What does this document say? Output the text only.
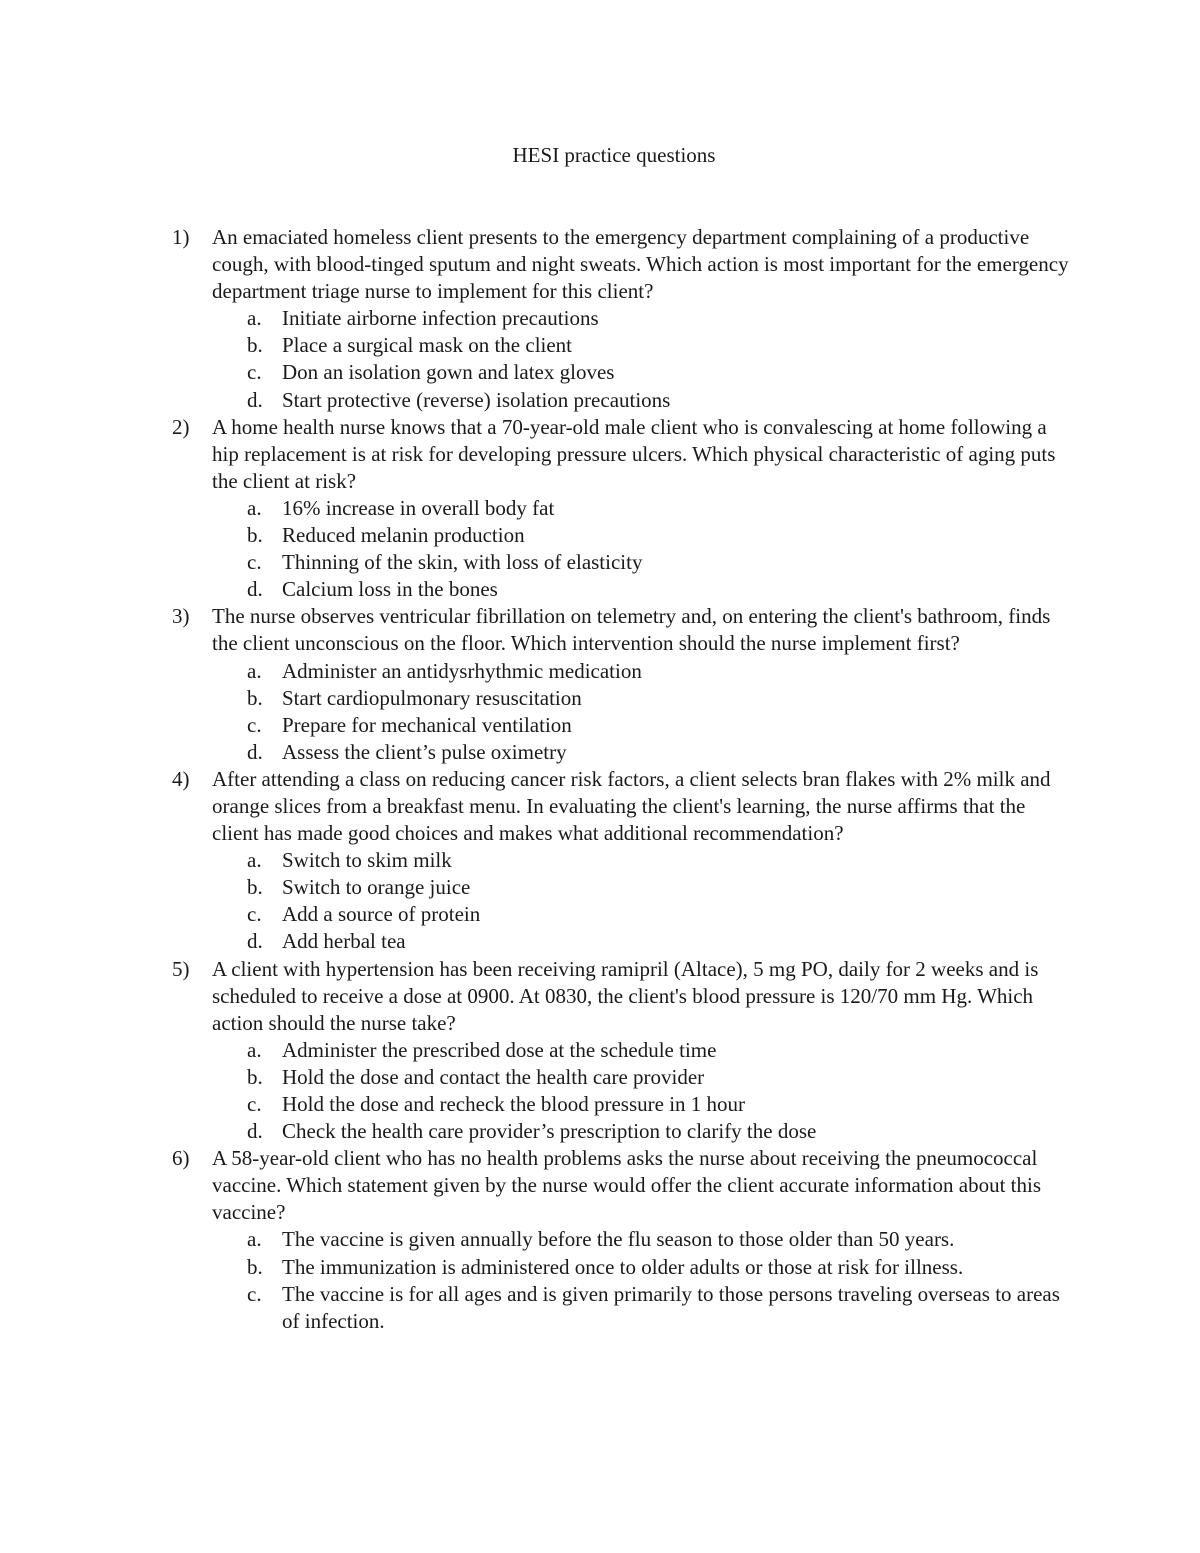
HESI practice questions
1) An emaciated homeless client presents to the emergency department complaining of a productive cough, with blood-tinged sputum and night sweats. Which action is most important for the emergency department triage nurse to implement for this client?
a. Initiate airborne infection precautions
b. Place a surgical mask on the client
c. Don an isolation gown and latex gloves
d. Start protective (reverse) isolation precautions
2) A home health nurse knows that a 70-year-old male client who is convalescing at home following a hip replacement is at risk for developing pressure ulcers. Which physical characteristic of aging puts the client at risk?
a. 16% increase in overall body fat
b. Reduced melanin production
c. Thinning of the skin, with loss of elasticity
d. Calcium loss in the bones
3) The nurse observes ventricular fibrillation on telemetry and, on entering the client's bathroom, finds the client unconscious on the floor. Which intervention should the nurse implement first?
a. Administer an antidysrhythmic medication
b. Start cardiopulmonary resuscitation
c. Prepare for mechanical ventilation
d. Assess the client’s pulse oximetry
4) After attending a class on reducing cancer risk factors, a client selects bran flakes with 2% milk and orange slices from a breakfast menu. In evaluating the client's learning, the nurse affirms that the client has made good choices and makes what additional recommendation?
a. Switch to skim milk
b. Switch to orange juice
c. Add a source of protein
d. Add herbal tea
5) A client with hypertension has been receiving ramipril (Altace), 5 mg PO, daily for 2 weeks and is scheduled to receive a dose at 0900. At 0830, the client's blood pressure is 120/70 mm Hg. Which action should the nurse take?
a. Administer the prescribed dose at the schedule time
b. Hold the dose and contact the health care provider
c. Hold the dose and recheck the blood pressure in 1 hour
d. Check the health care provider’s prescription to clarify the dose
6) A 58-year-old client who has no health problems asks the nurse about receiving the pneumococcal vaccine. Which statement given by the nurse would offer the client accurate information about this vaccine?
a. The vaccine is given annually before the flu season to those older than 50 years.
b. The immunization is administered once to older adults or those at risk for illness.
c. The vaccine is for all ages and is given primarily to those persons traveling overseas to areas of infection.
